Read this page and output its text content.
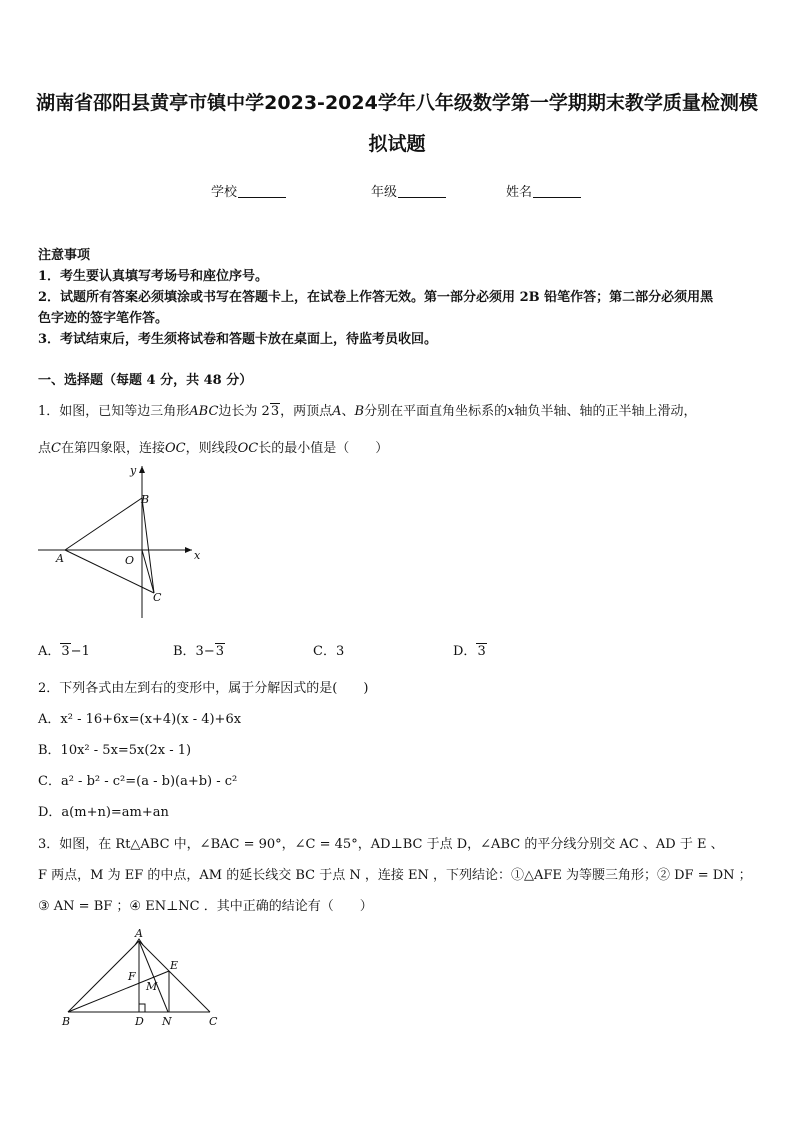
湖南省邵阳县黄亭市镇中学2023-2024学年八年级数学第一学期期末教学质量检测模
拟试题
学校	年级	姓名
注意事项
1．考生要认真填写考场号和座位序号。
2．试题所有答案必须填涂或书写在答题卡上，在试卷上作答无效。第一部分必须用 2B 铅笔作答；第二部分必须用黑
色字迹的签字笔作答。
3．考试结束后，考生须将试卷和答题卡放在桌面上，待监考员收回。
一、选择题（每题 4 分，共 48 分）
1．如图，已知等边三角形ABC边长为 23，两顶点A、B分别在平面直角坐标系的x轴负半轴、轴的正半轴上滑动，
点C在第四象限，连接OC，则线段OC长的最小值是（　　）
y
x
A
B
O
C
A．3−1	B．3−3	C．3	D．3
2．下列各式由左到右的变形中，属于分解因式的是(　　)
A．x² - 16+6x=(x+4)(x - 4)+6x
B．10x² - 5x=5x(2x - 1)
C．a² - b² - c²=(a - b)(a+b) - c²
D．a(m+n)=am+an
3．如图，在 Rt△ABC 中，∠BAC = 90°，∠C = 45°，AD⊥BC 于点 D，∠ABC 的平分线分别交 AC 、AD 于 E 、
F 两点，M 为 EF 的中点，AM 的延长线交 BC 于点 N ，连接 EN ，下列结论：①△AFE 为等腰三角形；② DF = DN ；
③ AN = BF ；④ EN⊥NC ．其中正确的结论有（　　）
A
E
F
M
B	D N	C
